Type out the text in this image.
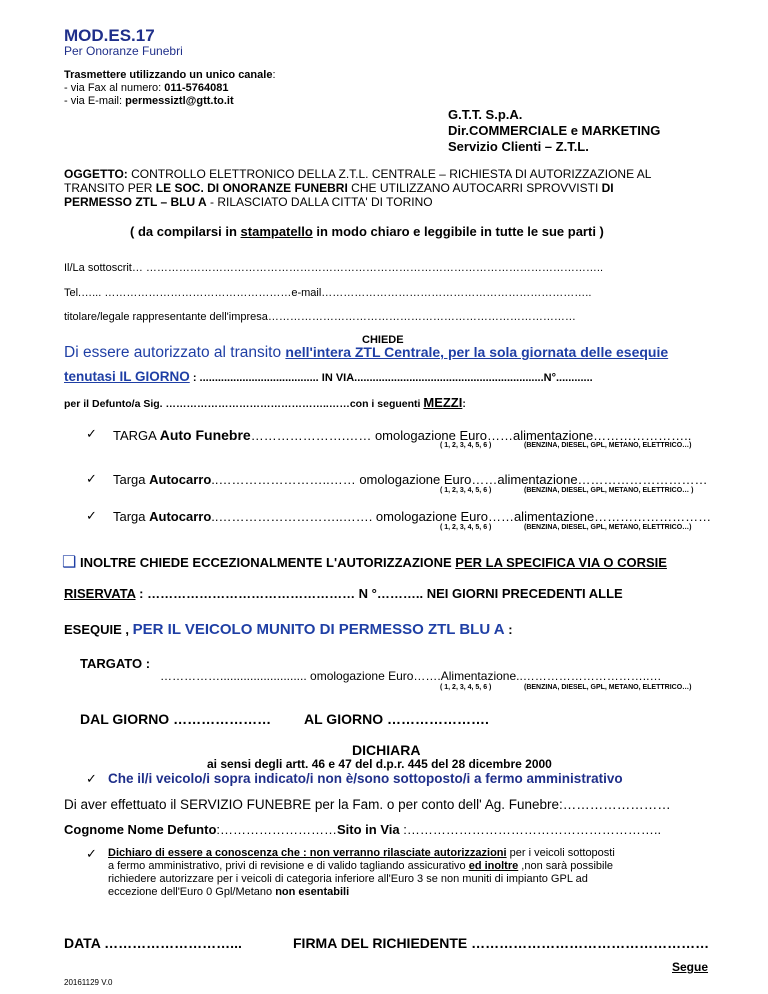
MOD.ES.17
Per Onoranze Funebri
Trasmettere utilizzando un unico canale:
- via Fax al numero: 011-5764081
- via E-mail: permessiztl@gtt.to.it
G.T.T. S.p.A.
Dir.COMMERCIALE e MARKETING
Servizio Clienti – Z.T.L.
OGGETTO: CONTROLLO ELETTRONICO DELLA Z.T.L. CENTRALE – RICHIESTA DI AUTORIZZAZIONE AL
TRANSITO PER LE SOC. DI ONORANZE FUNEBRI CHE UTILIZZANO AUTOCARRI SPROVVISTI DI
PERMESSO ZTL – BLU A - RILASCIATO DALLA CITTA' DI TORINO
( da compilarsi in stampatello in modo chiaro e leggibile in tutte le sue parti )
Il/La sottoscrit… ……………………………………………………………………………………………………………..
Tel.…... ……………………………………………e-mail………………………………………………………………..
titolare/legale rappresentante dell'impresa…………………………………………………………………………
CHIEDE
Di essere autorizzato al transito nell'intera ZTL Centrale, per la sola giornata delle esequie
tenutasi IL GIORNO : ....................................... IN VIA..............................................................N°............
per il Defunto/a Sig. ………………………………………..……con i seguenti MEZZI:
✓ TARGA Auto Funebre………………….…… omologazione Euro……alimentazione…………………..
( 1, 2, 3, 4, 5, 6 )	(BENZINA, DIESEL, GPL, METANO, ELETTRICO…)
✓ Targa Autocarro..……………………..…… omologazione Euro……alimentazione…………………………
( 1, 2, 3, 4, 5, 6 )	(BENZINA, DIESEL, GPL, METANO, ELETTRICO… )
✓ Targa Autocarro..………………………..……. omologazione Euro……alimentazione………………………
( 1, 2, 3, 4, 5, 6 )	(BENZINA, DIESEL, GPL, METANO, ELETTRICO…)
❑ INOLTRE CHIEDE ECCEZIONALMENTE L'AUTORIZZAZIONE PER LA SPECIFICA VIA O CORSIE
RISERVATA : ………………………………………… N °……….. NEI GIORNI PRECEDENTI ALLE
ESEQUIE , PER IL VEICOLO MUNITO DI PERMESSO ZTL BLU A :
TARGATO :
…………….......................... omologazione Euro…….Alimentazione..…………………………..…
( 1, 2, 3, 4, 5, 6 )	(BENZINA, DIESEL, GPL, METANO, ELETTRICO…)
DAL GIORNO ………………… AL GIORNO ………………….
DICHIARA
ai sensi degli artt. 46 e 47 del d.p.r. 445 del 28 dicembre 2000
✓ Che il/i veicolo/i sopra indicato/i non è/sono sottoposto/i a fermo amministrativo
Di aver effettuato il SERVIZIO FUNEBRE per la Fam. o per conto dell' Ag. Funebre:……………………
Cognome Nome Defunto:………………………Sito in Via :…………………………………………………..
✓ Dichiaro di essere a conoscenza che : non verranno rilasciate autorizzazioni per i veicoli sottoposti
a fermo amministrativo, privi di revisione e di valido tagliando assicurativo ed inoltre ,non sarà possibile
richiedere autorizzare per i veicoli di categoria inferiore all'Euro 3 se non muniti di impianto GPL ad
eccezione dell'Euro 0 Gpl/Metano non esentabili
DATA ………………………...	FIRMA DEL RICHIEDENTE ……………………………………………
Segue
20161129 V.0
